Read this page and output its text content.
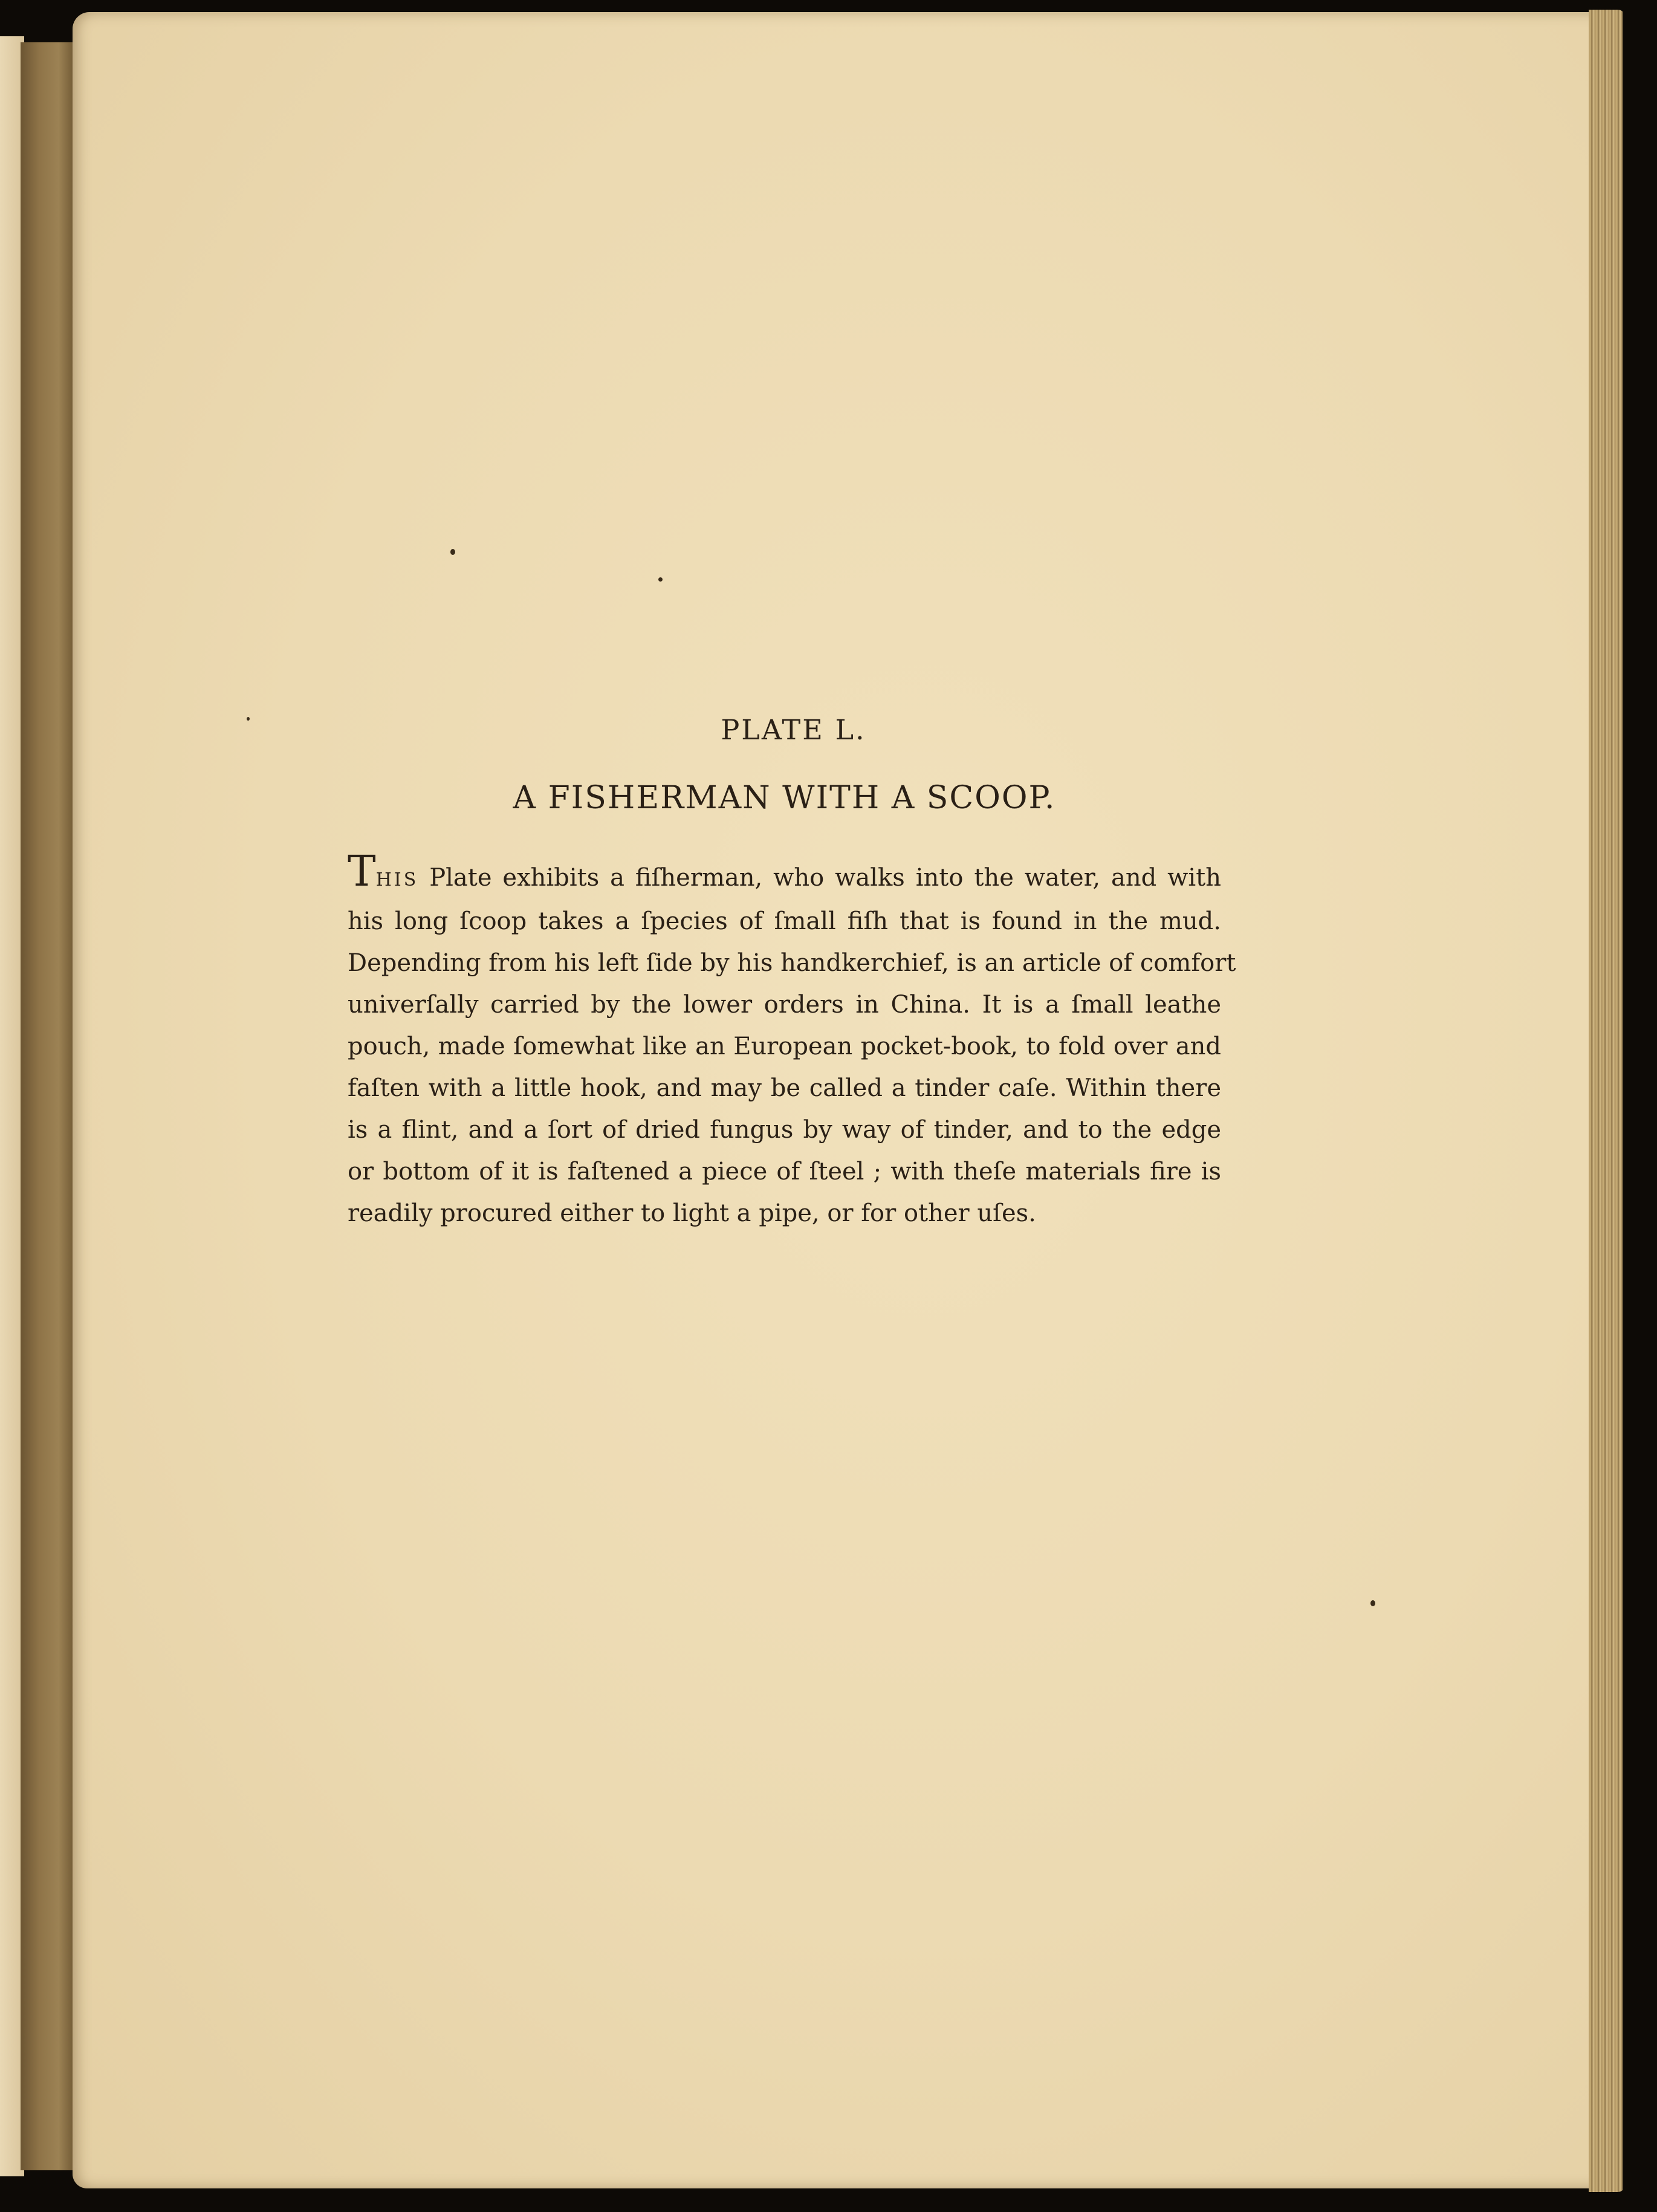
PLATE L.
A FISHERMAN WITH A SCOOP.

THIS Plate exhibits a fiſherman, who walks into the water, and with
his long ſcoop takes a ſpecies of ſmall fiſh that is found in the mud.
Depending from his left ſide by his handkerchief, is an article of comfort
univerſally carried by the lower orders in China. It is a ſmall leathe
pouch, made ſomewhat like an European pocket-book, to fold over and
faſten with a little hook, and may be called a tinder caſe. Within there
is a flint, and a ſort of dried fungus by way of tinder, and to the edge
or bottom of it is faſtened a piece of ſteel ; with theſe materials fire is
readily procured either to light a pipe, or for other uſes.
